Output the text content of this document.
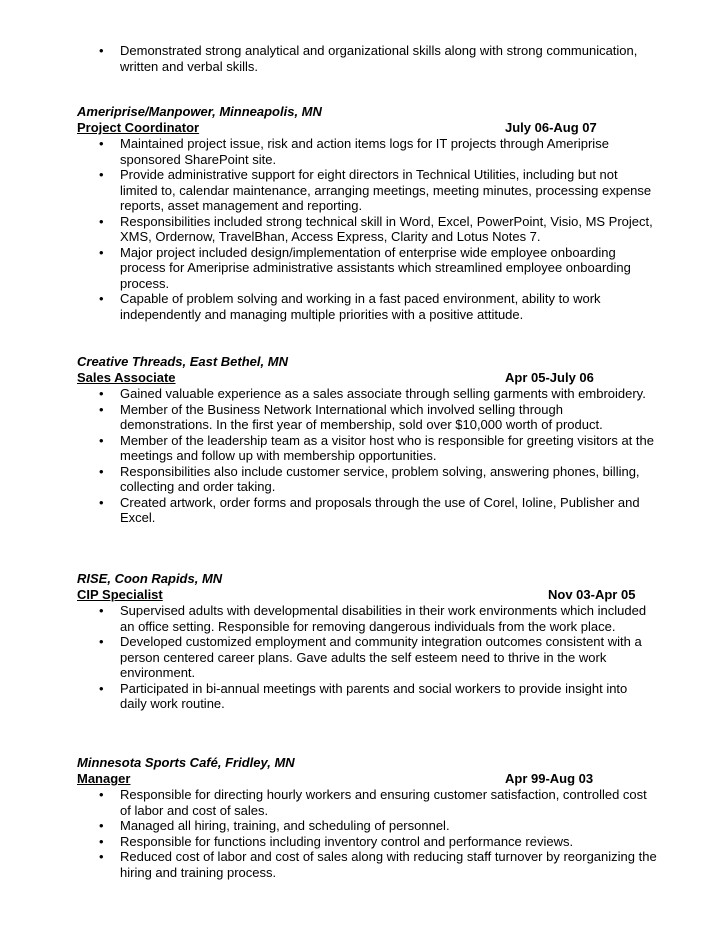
• Demonstrated strong analytical and organizational skills along with strong communication, written and verbal skills.
Ameriprise/Manpower, Minneapolis, MN
Project Coordinator	July 06-Aug 07
• Maintained project issue, risk and action items logs for IT projects through Ameriprise sponsored SharePoint site.
• Provide administrative support for eight directors in Technical Utilities, including but not limited to, calendar maintenance, arranging meetings, meeting minutes, processing expense reports, asset management and reporting.
• Responsibilities included strong technical skill in Word, Excel, PowerPoint, Visio, MS Project, XMS, Ordernow, TravelBhan, Access Express, Clarity and Lotus Notes 7.
• Major project included design/implementation of enterprise wide employee onboarding process for Ameriprise administrative assistants which streamlined employee onboarding process.
• Capable of problem solving and working in a fast paced environment, ability to work independently and managing multiple priorities with a positive attitude.
Creative Threads, East Bethel, MN
Sales Associate	Apr 05-July 06
• Gained valuable experience as a sales associate through selling garments with embroidery.
• Member of the Business Network International which involved selling through demonstrations. In the first year of membership, sold over $10,000 worth of product.
• Member of the leadership team as a visitor host who is responsible for greeting visitors at the meetings and follow up with membership opportunities.
• Responsibilities also include customer service, problem solving, answering phones, billing, collecting and order taking.
• Created artwork, order forms and proposals through the use of Corel, Ioline, Publisher and Excel.
RISE, Coon Rapids, MN
CIP Specialist	Nov 03-Apr 05
• Supervised adults with developmental disabilities in their work environments which included an office setting. Responsible for removing dangerous individuals from the work place.
• Developed customized employment and community integration outcomes consistent with a person centered career plans. Gave adults the self esteem need to thrive in the work environment.
• Participated in bi-annual meetings with parents and social workers to provide insight into daily work routine.
Minnesota Sports Café, Fridley, MN
Manager	Apr 99-Aug 03
• Responsible for directing hourly workers and ensuring customer satisfaction, controlled cost of labor and cost of sales.
• Managed all hiring, training, and scheduling of personnel.
• Responsible for functions including inventory control and performance reviews.
• Reduced cost of labor and cost of sales along with reducing staff turnover by reorganizing the hiring and training process.
